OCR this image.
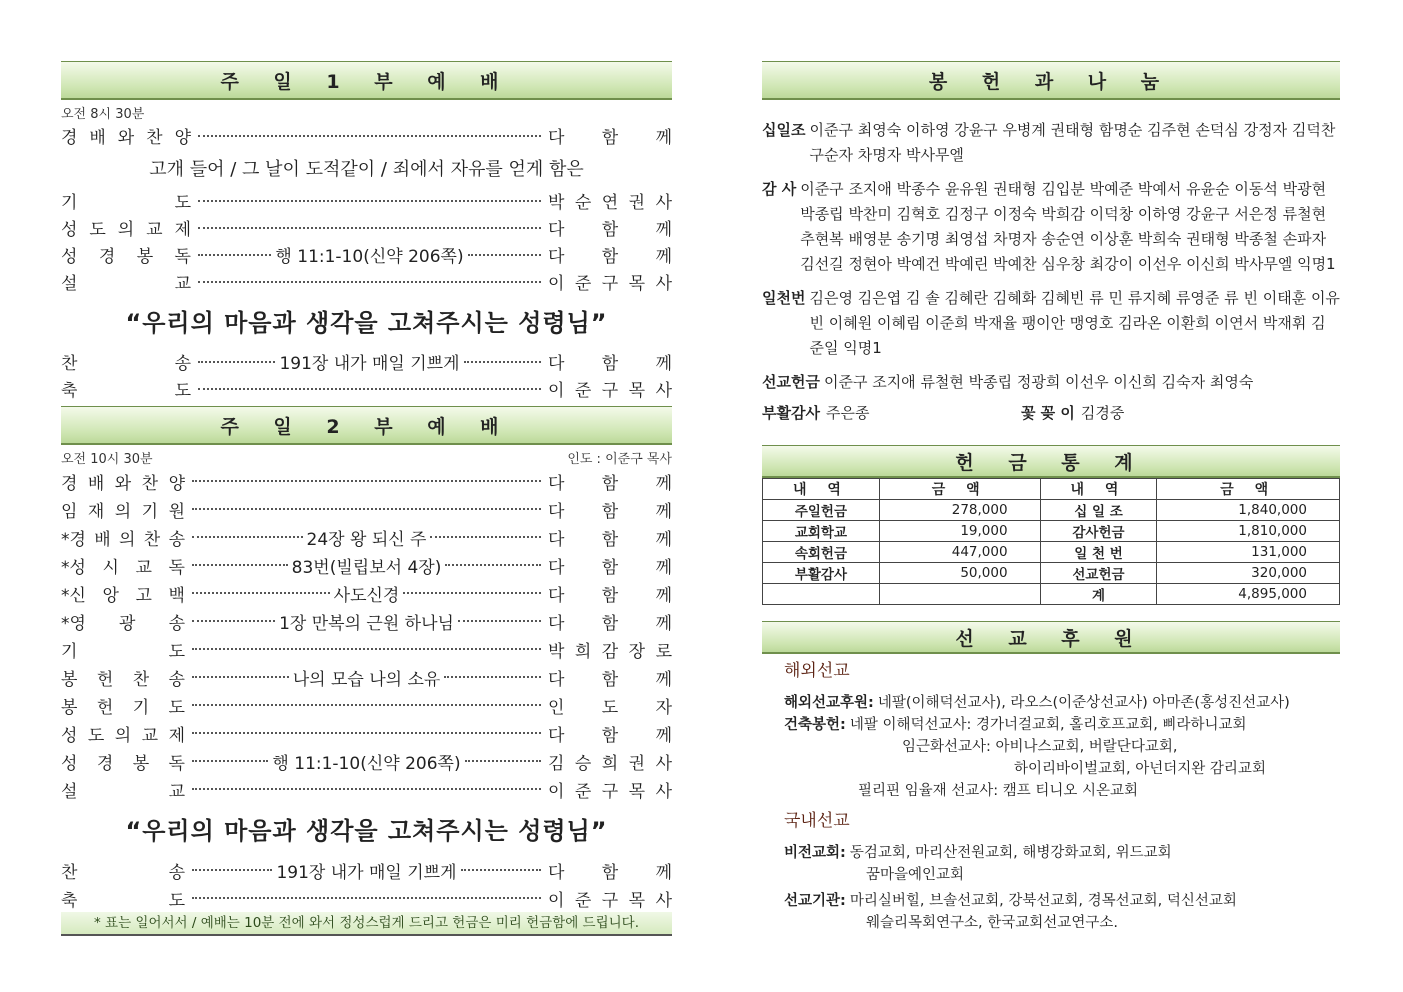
주 일 1 부 예 배
오전 8시 30분
경 배 와 찬 양	다 함 께
고개 들어 / 그 날이 도적같이 / 죄에서 자유를 얻게 함은
기	도	박 순 연 권 사
성 도 의 교 제	다 함 께
성 경 봉 독	행 11:1-10(신약 206쪽)	다 함 께
설	교	이 준 구 목 사
“우리의 마음과 생각을 고쳐주시는 성령님”
찬	송	191장 내가 매일 기쁘게	다 함 께
축	도	이 준 구 목 사
주 일 2 부 예 배
오전 10시 30분	인도 : 이준구 목사
경 배 와 찬 양	다 함 께
임 재 의 기 원	다 함 께
*경 배 의 찬 송	24장 왕 되신 주	다 함 께
*성 시 교 독	83번(빌립보서 4장)	다 함 께
*신 앙 고 백	사도신경	다 함 께
*영 광 송	1장 만복의 근원 하나님	다 함 께
기	도	박 희 감 장 로
봉 헌 찬 송	나의 모습 나의 소유	다 함 께
봉 헌 기 도	인 도 자
성 도 의 교 제	다 함 께
성 경 봉 독	행 11:1-10(신약 206쪽)	김 승 희 권 사
설	교	이 준 구 목 사
“우리의 마음과 생각을 고쳐주시는 성령님”
찬	송	191장 내가 매일 기쁘게	다 함 께
축	도	이 준 구 목 사
* 표는 일어서서 / 예배는 10분 전에 와서 정성스럽게 드리고 헌금은 미리 헌금함에 드립니다.
봉 헌 과 나 눔
십일조 이준구 최영숙 이하영 강윤구 우병계 권태형 함명순 김주현 손덕심 강정자 김덕찬 구순자 차명자 박사무엘
감 사 이준구 조지애 박종수 윤유원 권태형 김입분 박예준 박예서 유윤순 이동석 박광현 박종립 박찬미 김혁호 김정구 이정숙 박희감 이덕창 이하영 강윤구 서은정 류철현 추현복 배영분 송기명 최영섭 차명자 송순연 이상훈 박희숙 권태형 박종철 손파자 김선길 정현아 박예건 박예린 박예찬 심우창 최강이 이선우 이신희 박사무엘 익명1
일천번 김은영 김은엽 김 솔 김혜란 김혜화 김혜빈 류 민 류지혜 류영준 류 빈 이태훈 이유빈 이혜원 이혜림 이준희 박재율 팽이안 맹영호 김라온 이환희 이연서 박재휘 김준일 익명1
선교헌금 이준구 조지애 류철현 박종립 정광희 이선우 이신희 김숙자 최영숙
부활감사 주은종	꽃 꽂 이 김경중
헌 금 통 계
내 역	금 액	내 역	금 액
주일헌금	278,000	십 일 조	1,840,000
교회학교	19,000	감사헌금	1,810,000
속회헌금	447,000	일 천 번	131,000
부활감사	50,000	선교헌금	320,000
		계	4,895,000
선 교 후 원
해외선교
해외선교후원: 네팔(이해덕선교사), 라오스(이준상선교사) 아마존(홍성진선교사)
건축봉헌: 네팔 이해덕선교사: 경가너걸교회, 홀리호프교회, 삐라하니교회
임근화선교사: 아비나스교회, 버랄단다교회,
하이리바이벌교회, 아넌더지완 감리교회
필리핀 임율재 선교사: 캠프 티니오 시온교회
국내선교
비전교회: 동검교회, 마리산전원교회, 해병강화교회, 위드교회
꿈마을예인교회
선교기관: 마리실버힐, 브솔선교회, 강북선교회, 경목선교회, 덕신선교회
웨슬리목회연구소, 한국교회선교연구소.
